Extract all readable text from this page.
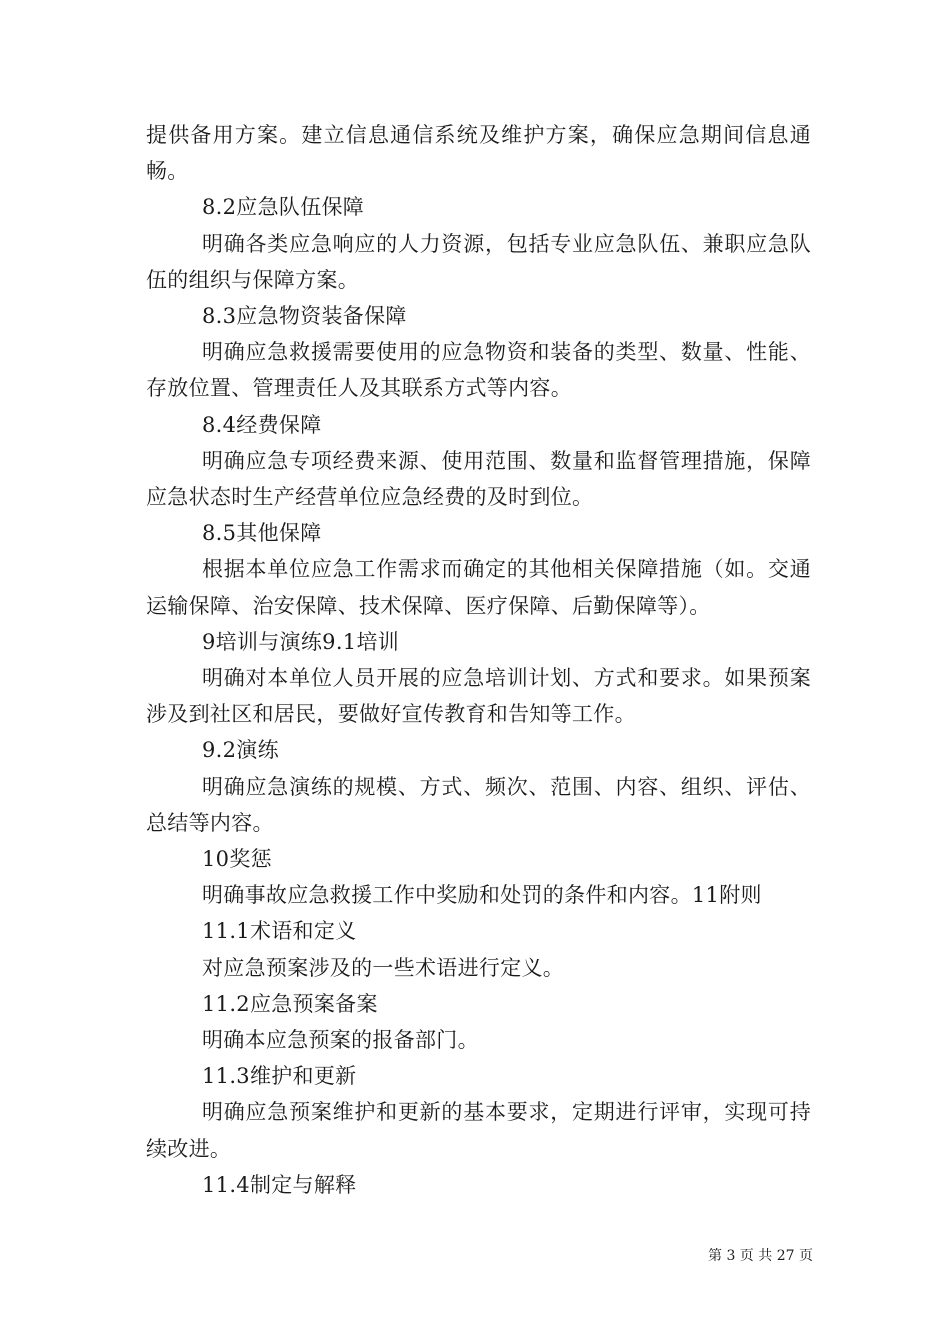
提供备用方案。建立信息通信系统及维护方案，确保应急期间信息通畅。

8.2应急队伍保障

明确各类应急响应的人力资源，包括专业应急队伍、兼职应急队伍的组织与保障方案。

8.3应急物资装备保障

明确应急救援需要使用的应急物资和装备的类型、数量、性能、存放位置、管理责任人及其联系方式等内容。

8.4经费保障

明确应急专项经费来源、使用范围、数量和监督管理措施，保障应急状态时生产经营单位应急经费的及时到位。

8.5其他保障

根据本单位应急工作需求而确定的其他相关保障措施（如。交通运输保障、治安保障、技术保障、医疗保障、后勤保障等）。

9培训与演练9.1培训

明确对本单位人员开展的应急培训计划、方式和要求。如果预案涉及到社区和居民，要做好宣传教育和告知等工作。

9.2演练

明确应急演练的规模、方式、频次、范围、内容、组织、评估、总结等内容。

10奖惩

明确事故应急救援工作中奖励和处罚的条件和内容。11附则

11.1术语和定义

对应急预案涉及的一些术语进行定义。

11.2应急预案备案

明确本应急预案的报备部门。

11.3维护和更新

明确应急预案维护和更新的基本要求，定期进行评审，实现可持续改进。

11.4制定与解释

第 3 页 共 27 页
